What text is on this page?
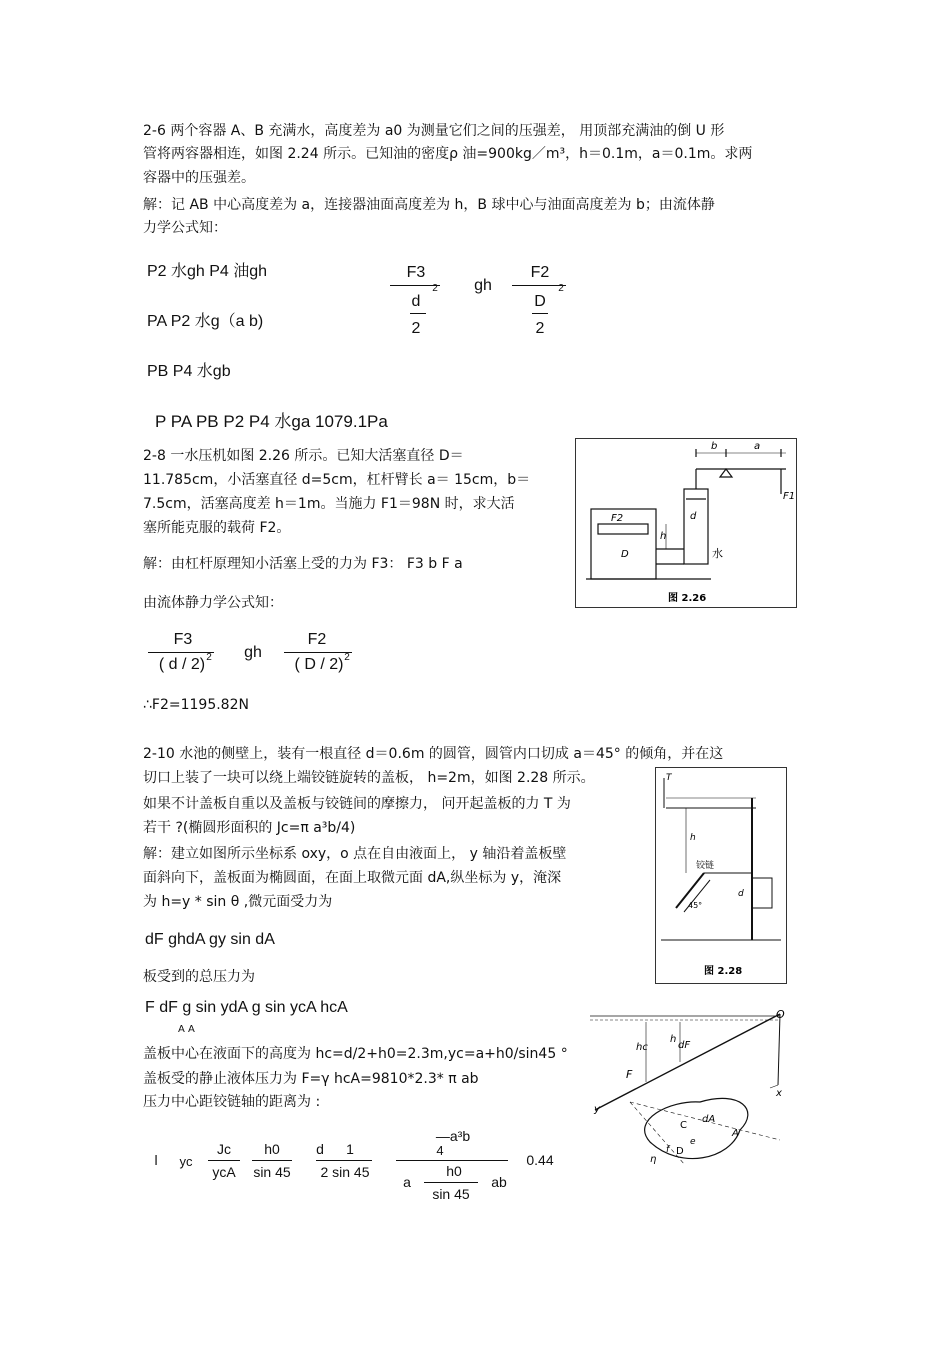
2-6 两个容器 A、B 充满水，高度差为 a0 为测量它们之间的压强差， 用顶部充满油的倒 U 形
管将两容器相连，如图 2.24 所示。已知油的密度ρ 油=900kg／m³，h＝0.1m，a＝0.1m。求两
容器中的压强差。
解：记 AB 中心高度差为 a，连接器油面高度差为 h，B 球中心与油面高度差为 b；由流体静
力学公式知：
P2 水gh P4 油gh
PA P2 水g（a b)
PB P4 水gb
P PA PB P2 P4 水ga 1079.1Pa
F3
d
2
2
gh
F2
D
2
2
2-8 一水压机如图 2.26 所示。已知大活塞直径 D＝
11.785cm，小活塞直径 d=5cm，杠杆臂长 a＝ 15cm，b＝
7.5cm，活塞高度差 h＝1m。当施力 F1＝98N 时，求大活
塞所能克服的载荷 F2。
解：由杠杆原理知小活塞上受的力为 F3： F3 b F a
由流体静力学公式知：
F3
( d / 2) 2	gh
F2
( D / 2) 2
∴F2=1195.82N
b	a
F1
h
d
F2
D	水
图 2.26
2-10 水池的侧壁上，装有一根直径 d＝0.6m 的圆管，圆管内口切成 a＝45° 的倾角，并在这
切口上装了一块可以绕上端铰链旋转的盖板， h=2m，如图 2.28 所示。
如果不计盖板自重以及盖板与铰链间的摩擦力， 问开起盖板的力 T 为
若干 ?(椭圆形面积的 Jc=π a³b/4)
解：建立如图所示坐标系 oxy，o 点在自由液面上， y 轴沿着盖板壁
面斜向下，盖板面为椭圆面，在面上取微元面 dA,纵坐标为 y，淹深
为 h=y * sin θ ,微元面受力为
dF ghdA gy sin dA
板受到的总压力为
F dF g sin ydA g sin ycA hcA
A A
盖板中心在液面下的高度为 hc=d/2+h0=2.3m,yc=a+h0/sin45 °
盖板受的静止液体压力为 F=γ hcA=9810*2.3* π ab
压力中心距铰链轴的距离为 :
l	yc
Jc
ycA
h0
sin 45
d	1
2 sin 45
—a³b
4
h0
a
sin 45
ab
0.44
T
h
铰链
d
45°
图 2.28
O
hc
h
dF
F
dA
A
C
D
e
f
y
x
η
